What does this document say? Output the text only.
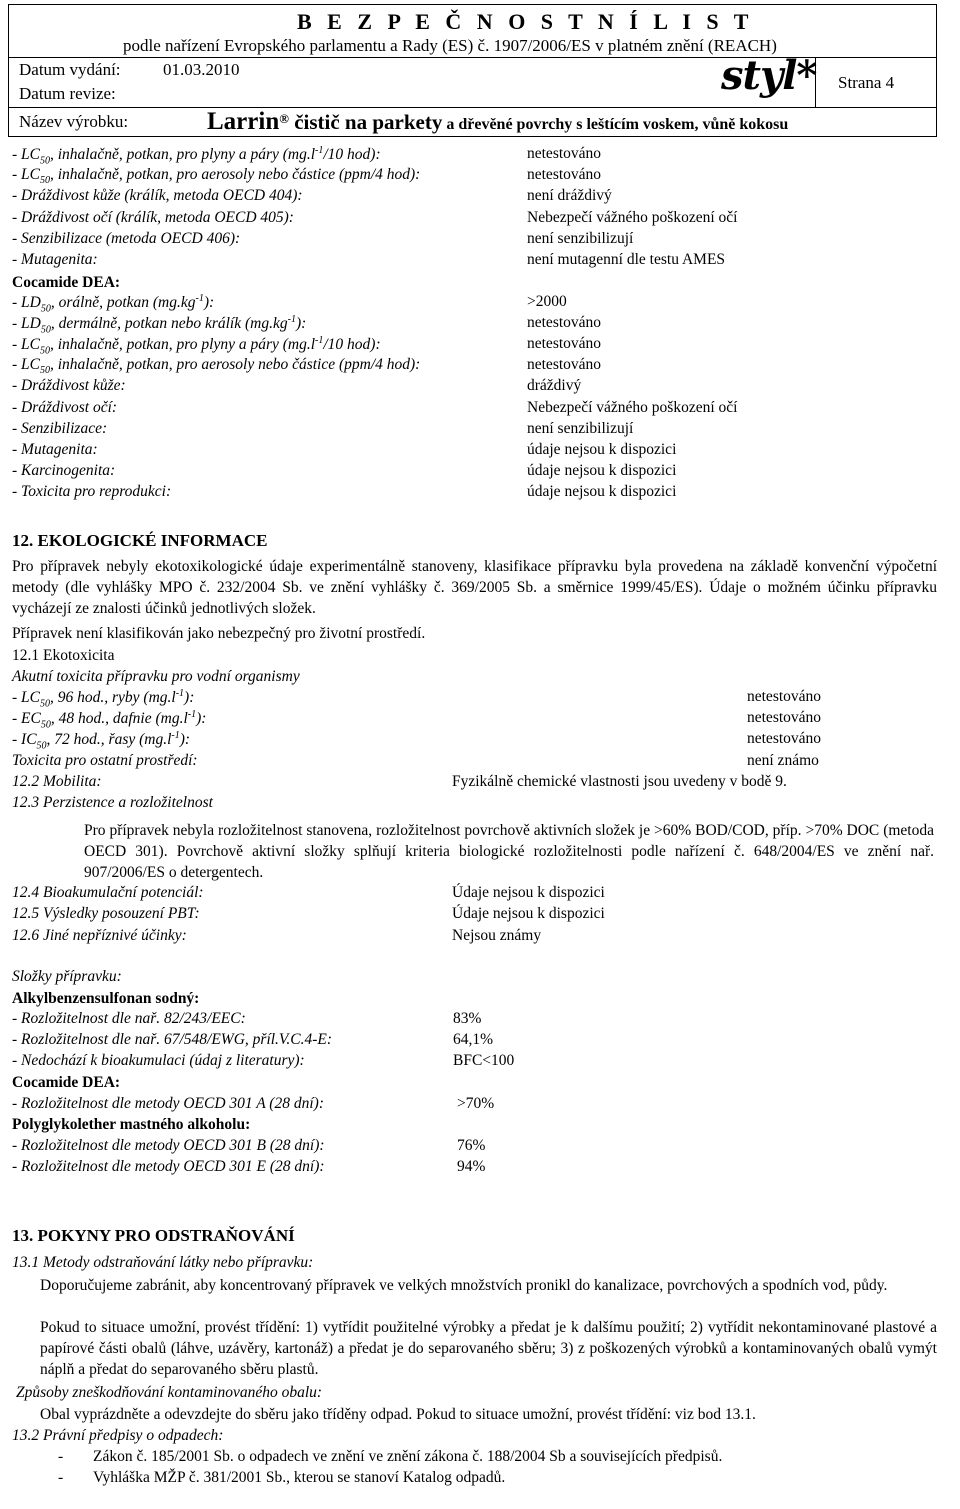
B E Z P E Č N O S T N Í L I S T
podle nařízení Evropského parlamentu a Rady (ES) č. 1907/2006/ES v platném znění (REACH)
Datum vydání: 01.03.2010
Datum revize:	styl* Strana 4
Název výrobku:	Larrin® čistič na parkety a dřevěné povrchy s leštícím voskem, vůně kokosu
- $LC_{50}$, inhalačně, potkan, pro plyny a páry ($mg.l^{-1}/10$ hod):	netestováno
- $LC_{50}$, inhalačně, potkan, pro aerosoly nebo částice (ppm/4 hod):	netestováno
- Dráždivost kůže (králík, metoda OECD 404):	není dráždivý
- Dráždivost očí (králík, metoda OECD 405):	Nebezpečí vážného poškození očí
- Senzibilizace (metoda OECD 406):	není senzibilizují
- Mutagenita:	není mutagenní dle testu AMES
Cocamide DEA:
- $LD_{50}$, orálně, potkan $(mg.kg^{-1})$:	>2000
- $LD_{50}$, dermálně, potkan nebo králík $(mg.kg^{-1})$:	netestováno
- $LC_{50}$, inhalačně, potkan, pro plyny a páry ($mg.l^{-1}/10$ hod):	netestováno
- $LC_{50}$, inhalačně, potkan, pro aerosoly nebo částice (ppm/4 hod):	netestováno
- Dráždivost kůže:	dráždivý
- Dráždivost očí:	Nebezpečí vážného poškození očí
- Senzibilizace:	není senzibilizují
- Mutagenita:	údaje nejsou k dispozici
- Karcinogenita:	údaje nejsou k dispozici
- Toxicita pro reprodukci:	údaje nejsou k dispozici
12. EKOLOGICKÉ INFORMACE
Pro přípravek nebyly ekotoxikologické údaje experimentálně stanoveny, klasifikace přípravku byla provedena na základě konvenční výpočetní metody (dle vyhlášky MPO č. 232/2004 Sb. ve znění vyhlášky č. 369/2005 Sb. a směrnice 1999/45/ES). Údaje o možném účinku přípravku vycházejí ze znalosti účinků jednotlivých složek.
Přípravek není klasifikován jako nebezpečný pro životní prostředí.
12.1 Ekotoxicita
Akutní toxicita přípravku pro vodní organismy
- $LC_{50}$, 96 hod., ryby $(mg.l^{-1})$:	netestováno
- $EC_{50}$, 48 hod., dafnie $(mg.l^{-1})$:	netestováno
- $IC_{50}$, 72 hod., řasy $(mg.l^{-1})$:	netestováno
Toxicita pro ostatní prostředí:	není známo
12.2 Mobilita:	Fyzikálně chemické vlastnosti jsou uvedeny v bodě 9.
12.3 Perzistence a rozložitelnost
Pro přípravek nebyla rozložitelnost stanovena, rozložitelnost povrchově aktivních složek je >60% BOD/COD, příp. >70% DOC (metoda OECD 301). Povrchově aktivní složky splňují kriteria biologické rozložitelnosti podle nařízení č. 648/2004/ES ve znění nař. 907/2006/ES o detergentech.
12.4 Bioakumulační potenciál:	Údaje nejsou k dispozici
12.5 Výsledky posouzení PBT:	Údaje nejsou k dispozici
12.6 Jiné nepříznivé účinky:	Nejsou známy
Složky přípravku:
Alkylbenzensulfonan sodný:
- Rozložitelnost dle nař. 82/243/EEC:	83%
- Rozložitelnost dle nař. 67/548/EWG, příl.V.C.4-E:	64,1%
- Nedochází k bioakumulaci (údaj z literatury):	BFC<100
Cocamide DEA:
- Rozložitelnost dle metody OECD 301 A (28 dní):	>70%
Polyglykolether mastného alkoholu:
- Rozložitelnost dle metody OECD 301 B (28 dní):	76%
- Rozložitelnost dle metody OECD 301 E (28 dní):	94%
13. POKYNY PRO ODSTRAŇOVÁNÍ
13.1 Metody odstraňování látky nebo přípravku:
Doporučujeme zabránit, aby koncentrovaný přípravek ve velkých množstvích pronikl do kanalizace, povrchových a spodních vod, půdy.
Pokud to situace umožní, provést třídění: 1) vytřídit použitelné výrobky a předat je k dalšímu použití; 2) vytřídit nekontaminované plastové a papírové části obalů (láhve, uzávěry, kartonáž) a předat je do separovaného sběru; 3) z poškozených výrobků a kontaminovaných obalů vymýt náplň a předat do separovaného sběru plastů.
Způsoby zneškodňování kontaminovaného obalu:
Obal vyprázdněte a odevzdejte do sběru jako tříděny odpad. Pokud to situace umožní, provést třídění: viz bod 13.1.
13.2 Právní předpisy o odpadech:
- Zákon č. 185/2001 Sb. o odpadech ve znění ve znění zákona č. 188/2004 Sb a souvisejících předpisů.
- Vyhláška MŽP č. 381/2001 Sb., kterou se stanoví Katalog odpadů.
